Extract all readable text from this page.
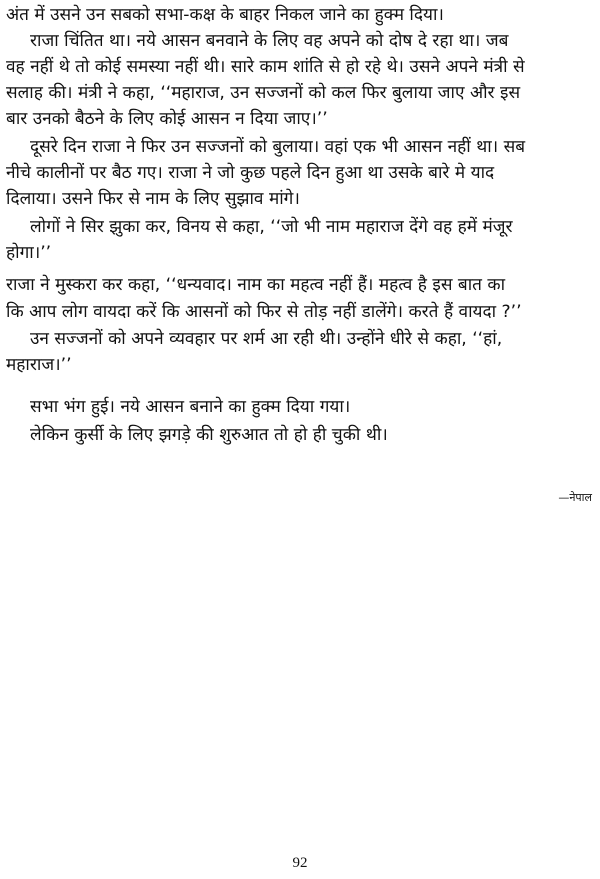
अंत में उसने उन सबको सभा-कक्ष के बाहर निकल जाने का हुक्म दिया।
राजा चिंतित था। नये आसन बनवाने के लिए वह अपने को दोष दे रहा था। जब
वह नहीं थे तो कोई समस्या नहीं थी। सारे काम शांति से हो रहे थे। उसने अपने मंत्री से
सलाह की। मंत्री ने कहा, ‘‘महाराज, उन सज्जनों को कल फिर बुलाया जाए और इस
बार उनको बैठने के लिए कोई आसन न दिया जाए।’’
दूसरे दिन राजा ने फिर उन सज्जनों को बुलाया। वहां एक भी आसन नहीं था। सब
नीचे कालीनों पर बैठ गए। राजा ने जो कुछ पहले दिन हुआ था उसके बारे मे याद
दिलाया। उसने फिर से नाम के लिए सुझाव मांगे।
लोगों ने सिर झुका कर, विनय से कहा, ‘‘जो भी नाम महाराज देंगे वह हमें मंजूर
होगा।’’
राजा ने मुस्करा कर कहा, ‘‘धन्यवाद। नाम का महत्व नहीं हैं। महत्व है इस बात का
कि आप लोग वायदा करें कि आसनों को फिर से तोड़ नहीं डालेंगे। करते हैं वायदा ?’’
उन सज्जनों को अपने व्यवहार पर शर्म आ रही थी। उन्होंने धीरे से कहा, ‘‘हां,
महाराज।’’
सभा भंग हुई। नये आसन बनाने का हुक्म दिया गया।
लेकिन कुर्सी के लिए झगड़े की शुरुआत तो हो ही चुकी थी।
—नेपाल
92
